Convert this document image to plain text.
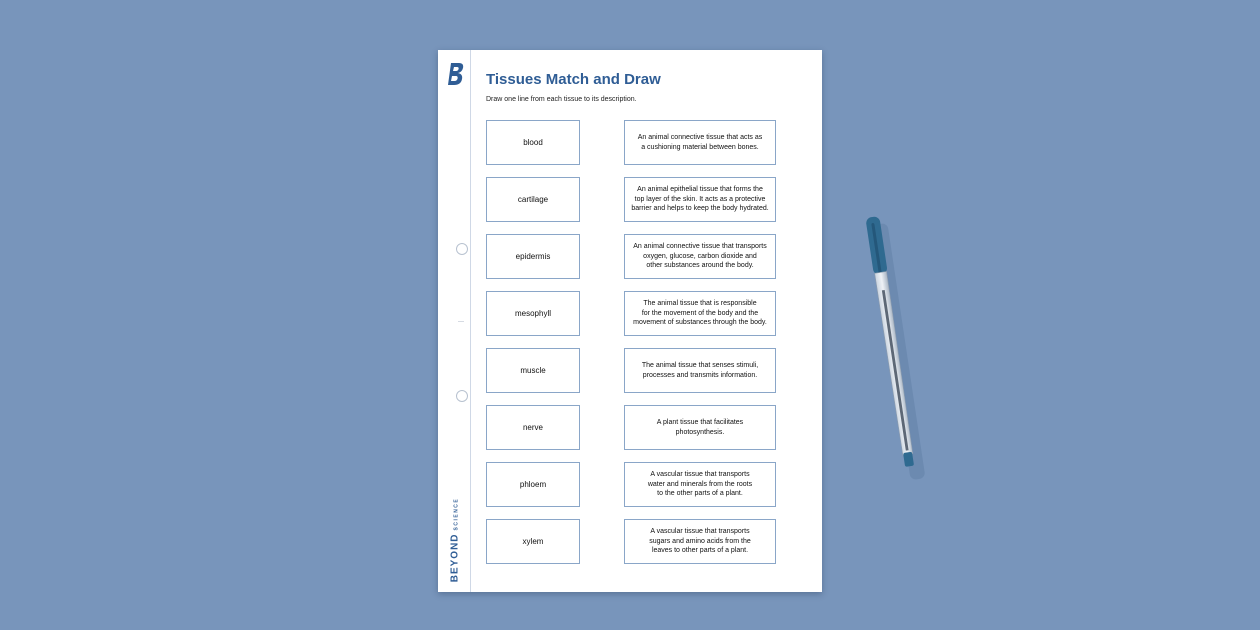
BEYONDSCIENCE
Tissues Match and Draw

Draw one line from each tissue to its description.

blood
An animal connective tissue that acts as
a cushioning material between bones.
cartilage
An animal epithelial tissue that forms the
top layer of the skin. It acts as a protective
barrier and helps to keep the body hydrated.
epidermis
An animal connective tissue that transports
oxygen, glucose, carbon dioxide and
other substances around the body.
mesophyll
The animal tissue that is responsible
for the movement of the body and the
movement of substances through the body.
muscle
The animal tissue that senses stimuli,
processes and transmits information.
nerve
A plant tissue that facilitates
photosynthesis.
phloem
A vascular tissue that transports
water and minerals from the roots
to the other parts of a plant.
xylem
A vascular tissue that transports
sugars and amino acids from the
leaves to other parts of a plant.
